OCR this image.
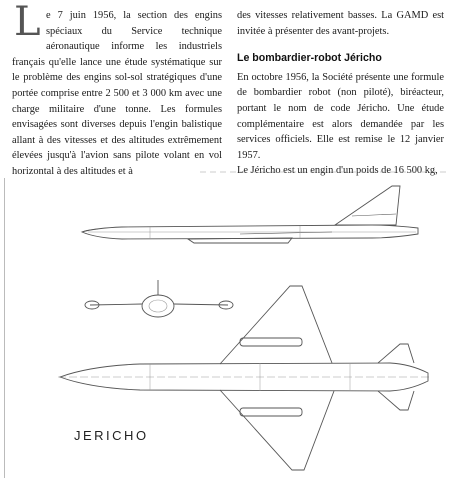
L e 7 juin 1956, la section des engins spéciaux du Service technique aéronautique informe les industriels français qu'elle lance une étude systématique sur le problème des engins sol-sol stratégiques d'une portée comprise entre 2 500 et 3 000 km avec une charge militaire d'une tonne. Les formules envisagées sont diverses depuis l'engin balistique allant à des vitesses et des altitudes extrêmement élevées jusqu'à l'avion sans pilote volant en vol horizontal à des altitudes et à

des vitesses relativement basses. La GAMD est invitée à présenter des avant-projets.

Le bombardier-robot Jéricho

En octobre 1956, la Société présente une formule de bombardier robot (non piloté), biréacteur, portant le nom de code Jéricho. Une étude complémentaire est alors demandée par les services officiels. Elle est remise le 12 janvier 1957.

Le Jéricho est un engin d'un poids de 16 500 kg,

JERICHO
